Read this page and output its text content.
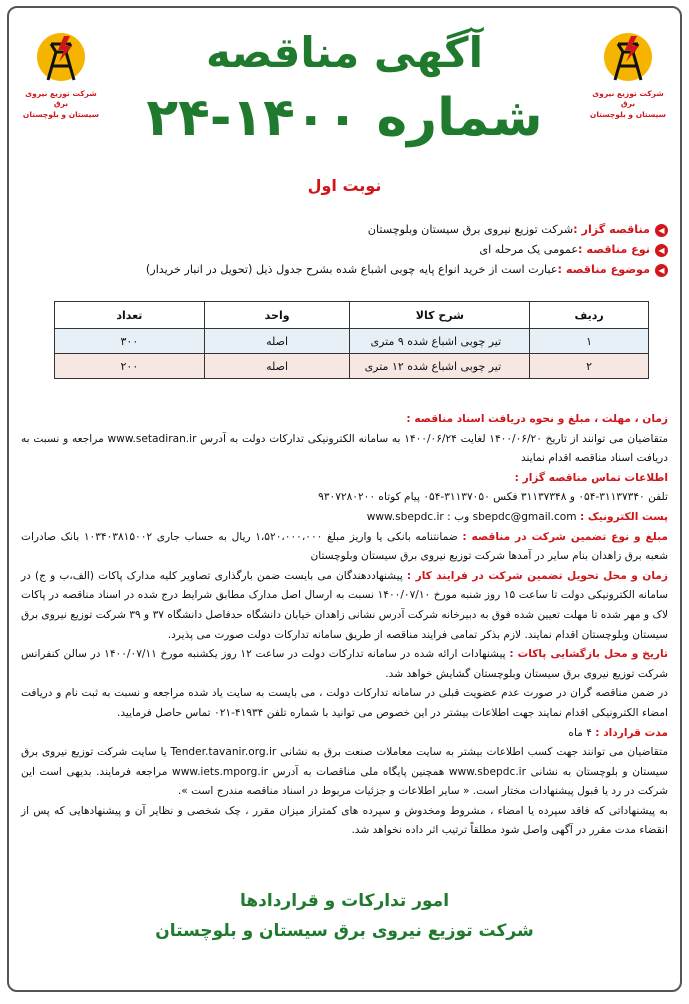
شرکت توزیع نیروی برق
سیستان و بلوچستان
شرکت توزیع نیروی برق
سیستان و بلوچستان
آگهی مناقصه
شماره ۱۴۰۰-۲۴
نوبت اول
◀
مناقصه گزار :
شرکت توزیع نیروی برق سیستان وبلوچستان
◀
نوع مناقصه :
عمومی یک مرحله ای
◀
موضوع مناقصه :
عبارت است از خرید انواع پایه چوبی اشباع شده بشرح جدول ذیل (تحویل در انبار خریدار)
ردیف	شرح کالا	واحد	تعداد
۱	تیر چوبی اشباع شده ۹ متری	اصله	۳۰۰
۲	تیر چوبی اشباع شده ۱۲ متری	اصله	۲۰۰

زمان ، مهلت ، مبلغ و نحوه دریافت اسناد مناقصه :

متقاضیان می توانند از تاریخ ۱۴۰۰/۰۶/۲۰ لغایت ۱۴۰۰/۰۶/۲۴ به سامانه الکترونیکی تدارکات دولت به آدرس www.setadiran.ir مراجعه و نسبت به دریافت اسناد مناقصه اقدام نمایند

اطلاعات تماس مناقصه گزار :

تلفن ۳۱۱۳۷۳۴۰-۰۵۴ و ۳۱۱۳۷۳۴۸ فکس ۳۱۱۳۷۰۵۰-۰۵۴ پیام کوتاه ۹۳۰۷۲۸۰۲۰۰

پست الکترونیک : sbepdc@gmail.com وب : www.sbepdc.ir

مبلغ و نوع تضمین شرکت در مناقصه : ضمانتنامه بانکی یا واریز مبلغ ۱،۵۲۰،۰۰۰،۰۰۰ ریال به حساب جاری ۱۰۳۴۰۳۸۱۵۰۰۲ بانک صادرات شعبه برق زاهدان بنام سایر در آمدها شرکت توزیع نیروی برق سیستان وبلوچستان

زمان و محل تحویل تضمین شرکت در فرایند کار : پیشنهاددهندگان می بایست ضمن بارگذاری تصاویر کلیه مدارک پاکات (الف،ب و ج) در سامانه الکترونیکی دولت تا ساعت ۱۵ روز شنبه مورخ ۱۴۰۰/۰۷/۱۰ نسبت به ارسال اصل مدارک مطابق شرایط درج شده در اسناد مناقصه در پاکات لاک و مهر شده تا مهلت تعیین شده فوق به دبیرخانه شرکت آدرس نشانی زاهدان خیابان دانشگاه حدفاصل دانشگاه ۳۷ و ۳۹ شرکت توزیع نیروی برق سیستان وبلوچستان اقدام نمایند. لازم بذکر تمامی فرایند مناقصه از طریق سامانه تدارکات دولت صورت می پذیرد.

تاریخ و محل بازگشایی پاکات : پیشنهادات ارائه شده در سامانه تدارکات دولت در ساعت ۱۲ روز یکشنبه مورخ ۱۴۰۰/۰۷/۱۱ در سالن کنفرانس شرکت توزیع نیروی برق سیستان وبلوچستان گشایش خواهد شد.

در ضمن مناقصه گران در صورت عدم عضویت قبلی در سامانه تدارکات دولت ، می بایست به سایت یاد شده مراجعه و نسبت به ثبت نام و دریافت امضاء الکترونیکی اقدام نمایند جهت اطلاعات بیشتر در این خصوص می توانید با شماره تلفن ۴۱۹۳۴-۰۲۱ تماس حاصل فرمایید.

مدت قرارداد : ۴ ماه

متقاضیان می توانند جهت کسب اطلاعات بیشتر به سایت معاملات صنعت برق به نشانی Tender.tavanir.org.ir یا سایت شرکت توزیع نیروی برق سیستان و بلوچستان به نشانی www.sbepdc.ir همچنین پایگاه ملی مناقصات به آدرس www.iets.mporg.ir مراجعه فرمایند. بدیهی است این شرکت در رد یا قبول پیشنهادات مختار است. « سایر اطلاعات و جزئیات مربوط در اسناد مناقصه مندرج است ».

به پیشنهاداتی که فاقد سپرده یا امضاء ، مشروط ومخدوش و سپرده های کمتراز میزان مقرر ، چک شخصی و نظایر آن و پیشنهادهایی که پس از انقضاء مدت مقرر در آگهی واصل شود مطلقاً ترتیب اثر داده نخواهد شد.

امور تدارکات و قراردادها
شرکت توزیع نیروی برق سیستان و بلوچستان
